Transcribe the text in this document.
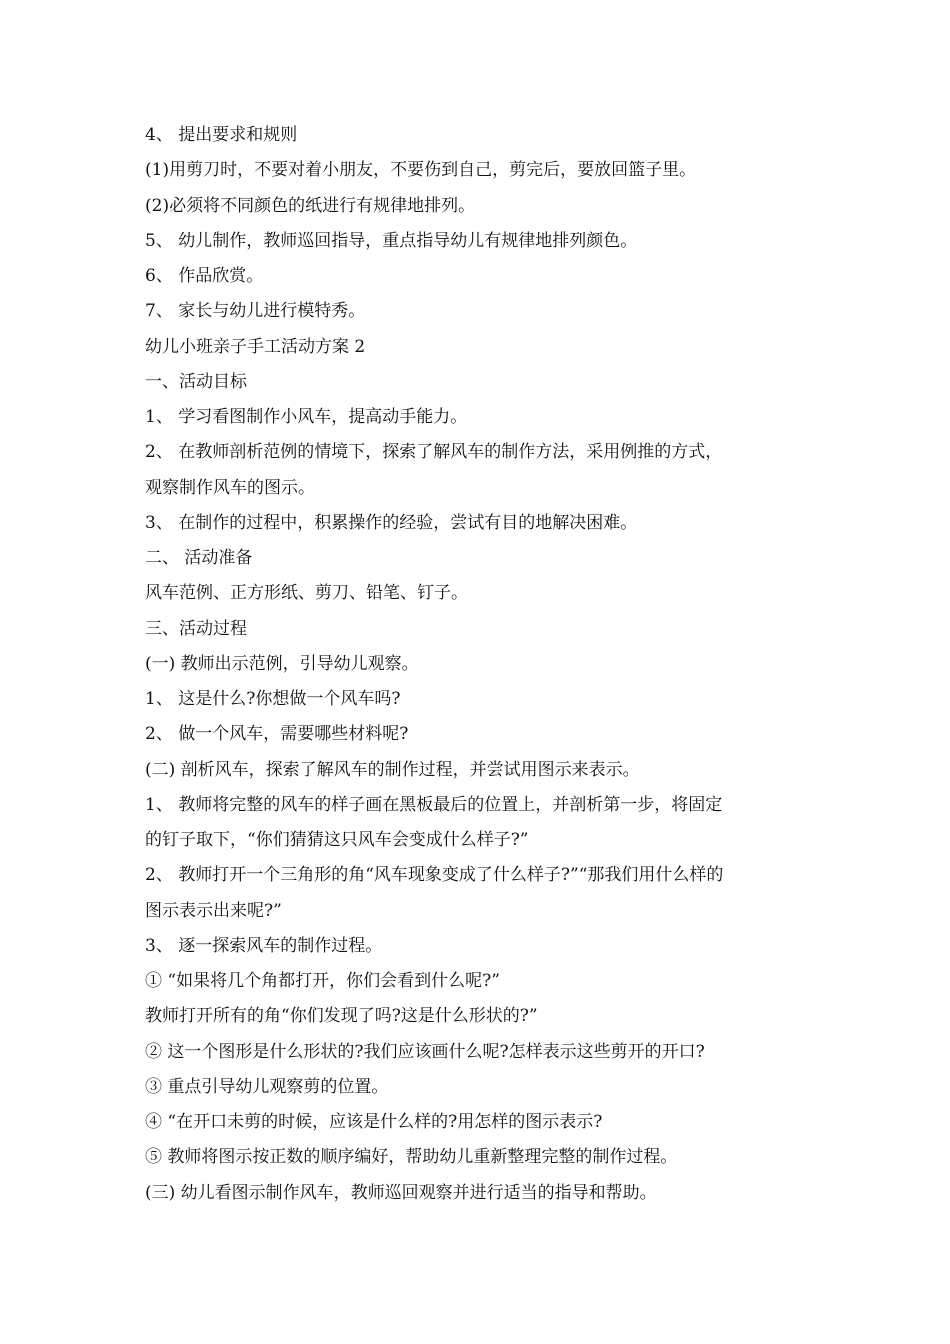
4、 提出要求和规则
(1)用剪刀时，不要对着小朋友，不要伤到自己，剪完后，要放回篮子里。
(2)必须将不同颜色的纸进行有规律地排列。
5、 幼儿制作，教师巡回指导，重点指导幼儿有规律地排列颜色。
6、 作品欣赏。
7、 家长与幼儿进行模特秀。
幼儿小班亲子手工活动方案 2
一、活动目标
1、 学习看图制作小风车，提高动手能力。
2、 在教师剖析范例的情境下，探索了解风车的制作方法，采用例推的方式，
观察制作风车的图示。
3、 在制作的过程中，积累操作的经验，尝试有目的地解决困难。
二、 活动准备
风车范例、正方形纸、剪刀、铅笔、钉子。
三、活动过程
(一) 教师出示范例，引导幼儿观察。
1、 这是什么?你想做一个风车吗?
2、 做一个风车，需要哪些材料呢?
(二) 剖析风车，探索了解风车的制作过程，并尝试用图示来表示。
1、 教师将完整的风车的样子画在黑板最后的位置上，并剖析第一步，将固定
的钉子取下，“你们猜猜这只风车会变成什么样子?”
2、 教师打开一个三角形的角“风车现象变成了什么样子?”“那我们用什么样的
图示表示出来呢?”
3、 逐一探索风车的制作过程。
① “如果将几个角都打开，你们会看到什么呢?”
教师打开所有的角“你们发现了吗?这是什么形状的?”
② 这一个图形是什么形状的?我们应该画什么呢?怎样表示这些剪开的开口?
③ 重点引导幼儿观察剪的位置。
④ “在开口未剪的时候，应该是什么样的?用怎样的图示表示?
⑤ 教师将图示按正数的顺序编好，帮助幼儿重新整理完整的制作过程。
(三) 幼儿看图示制作风车，教师巡回观察并进行适当的指导和帮助。
